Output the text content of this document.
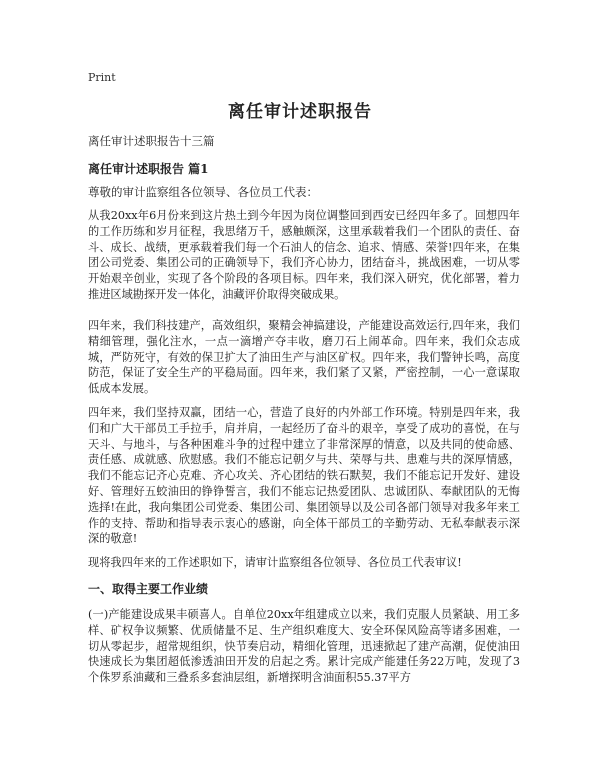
Print
离任审计述职报告
离任审计述职报告十三篇
离任审计述职报告 篇1
尊敬的审计监察组各位领导、各位员工代表：
从我20xx年6月份来到这片热土到今年因为岗位调整回到西安已经四年多了。回想四年的工作历练和岁月征程，我思绪万千，感触颇深，这里承载着我们一个团队的责任、奋斗、成长、战绩，更承载着我们每一个石油人的信念、追求、情感、荣誉!四年来，在集团公司党委、集团公司的正确领导下，我们齐心协力，团结奋斗，挑战困难，一切从零开始艰辛创业，实现了各个阶段的各项目标。四年来，我们深入研究，优化部署，着力推进区域勘探开发一体化，油藏评价取得突破成果。
四年来，我们科技建产，高效组织，聚精会神搞建设，产能建设高效运行,四年来，我们精细管理，强化注水，一点一滴增产夺丰收，磨刀石上闹革命。四年来，我们众志成城，严防死守，有效的保卫扩大了油田生产与油区矿权。四年来，我们警钟长鸣，高度防范，保证了安全生产的平稳局面。四年来，我们紧了又紧，严密控制，一心一意谋取低成本发展。
四年来，我们坚持双赢，团结一心，营造了良好的内外部工作环境。特别是四年来，我们和广大干部员工手拉手，肩并肩，一起经历了奋斗的艰辛，享受了成功的喜悦，在与天斗、与地斗，与各种困难斗争的过程中建立了非常深厚的情意，以及共同的使命感、责任感、成就感、欣慰感。我们不能忘记朝夕与共、荣辱与共、患难与共的深厚情感，我们不能忘记齐心克难、齐心攻关、齐心团结的铁石默契，我们不能忘记开发好、建设好、管理好五蛟油田的铮铮誓言，我们不能忘记热爱团队、忠诚团队、奉献团队的无悔选择!在此，我向集团公司党委、集团公司、集团领导以及公司各部门领导对我多年来工作的支持、帮助和指导表示衷心的感谢，向全体干部员工的辛勤劳动、无私奉献表示深深的敬意!
现将我四年来的工作述职如下，请审计监察组各位领导、各位员工代表审议!
一、取得主要工作业绩
(一)产能建设成果丰硕喜人。自单位20xx年组建成立以来，我们克服人员紧缺、用工多样、矿权争议频繁、优质储量不足、生产组织难度大、安全环保风险高等诸多困难，一切从零起步，超常规组织，快节奏启动，精细化管理，迅速掀起了建产高潮，促使油田快速成长为集团超低渗透油田开发的启起之秀。累计完成产能建任务22万吨，发现了3个侏罗系油藏和三叠系多套油层组，新增探明含油面积55.37平方
